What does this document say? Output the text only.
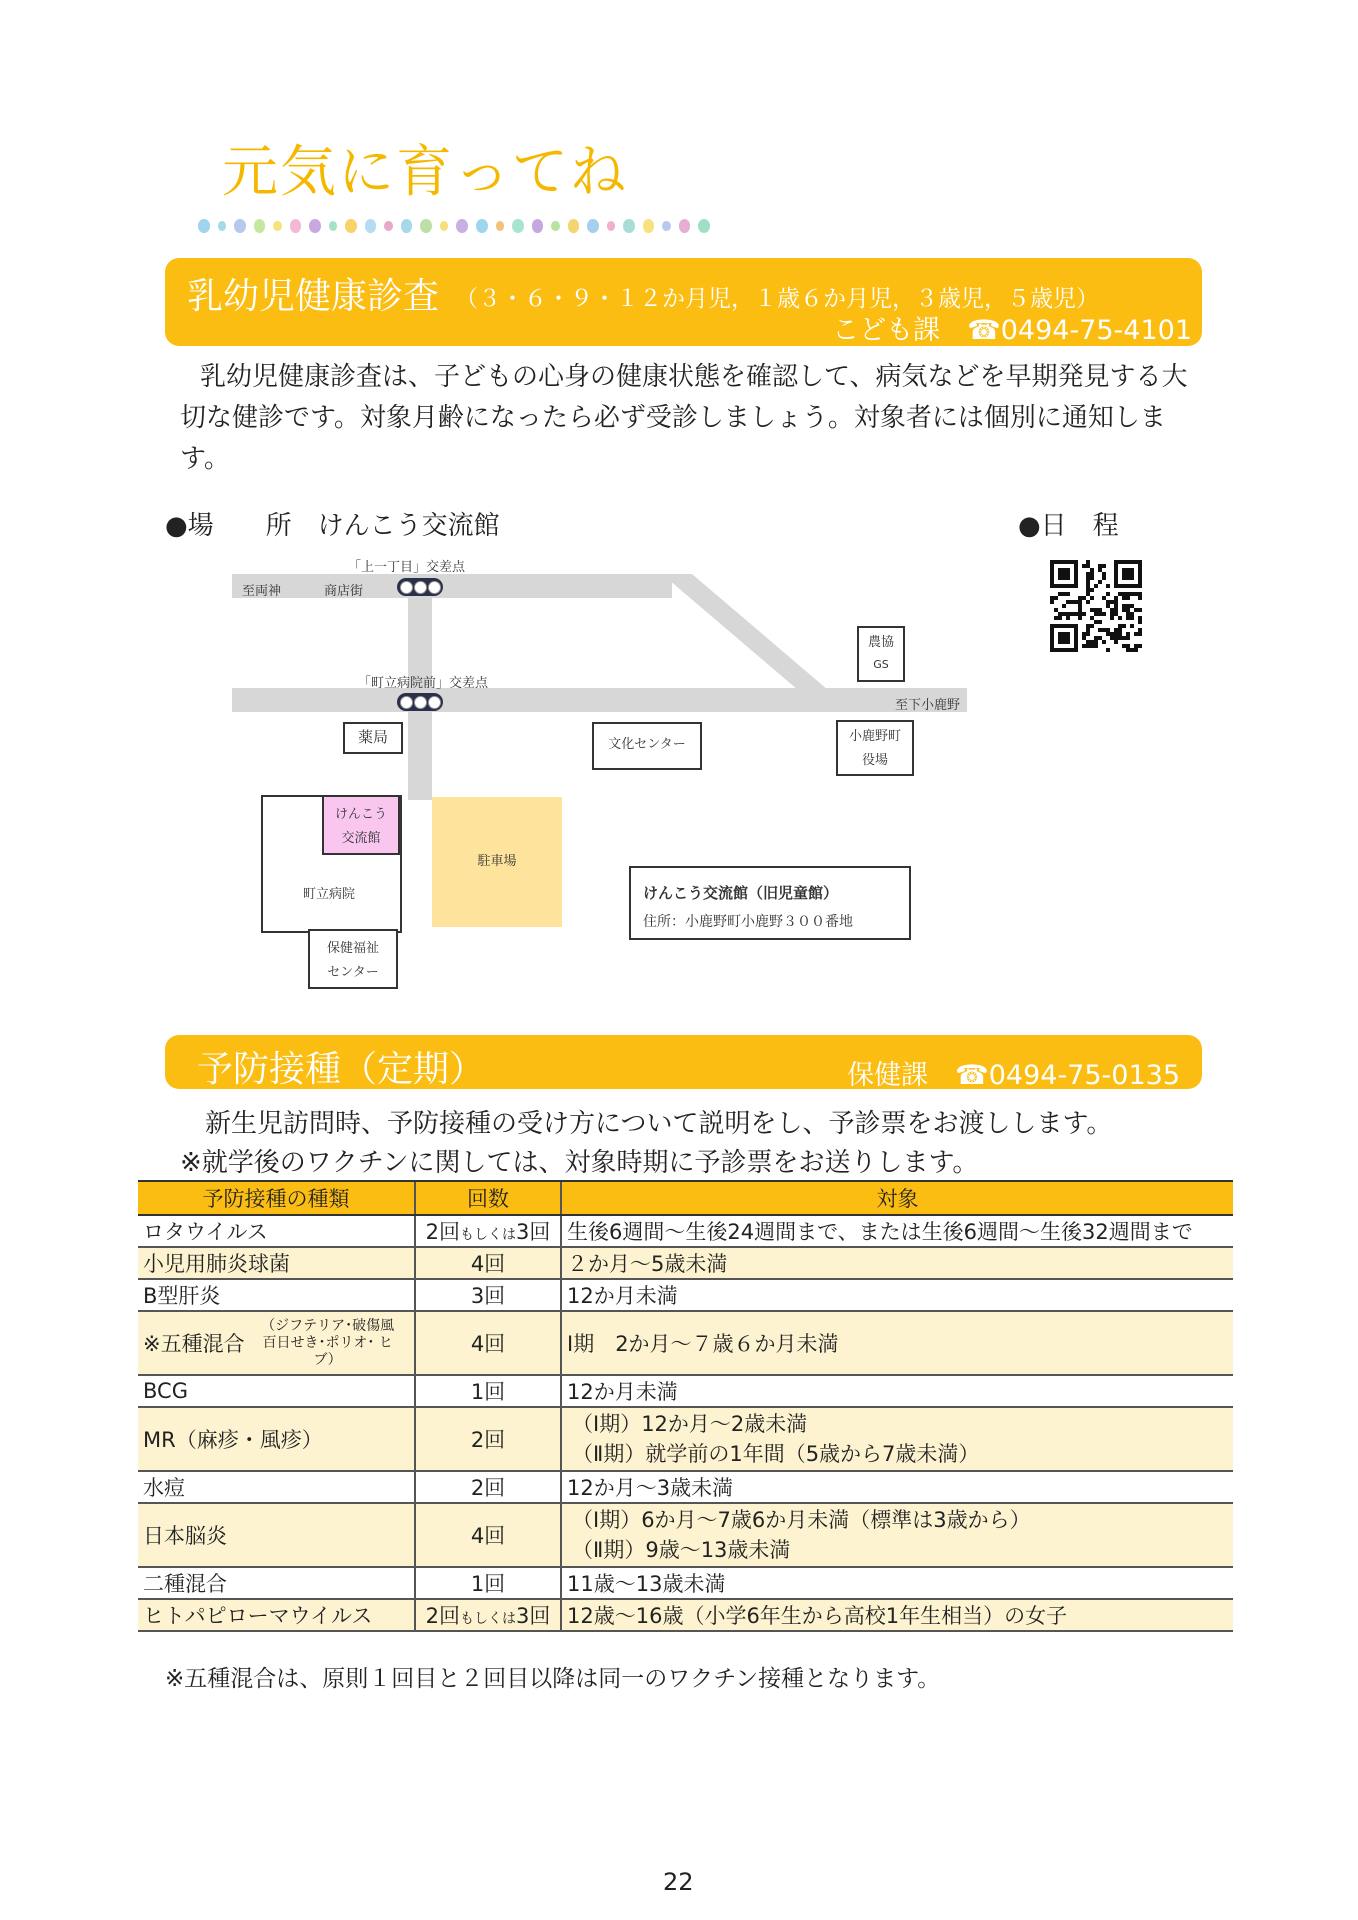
元気に育ってね
乳幼児健康診査 （３・６・９・１２か月児，１歳６か月児，３歳児，５歳児）
こども課　☎0494-75-4101
乳幼児健康診査は、子どもの心身の健康状態を確認して、病気などを早期発見する大切な健診です。対象月齢になったら必ず受診しましょう。対象者には個別に通知します。
●場　　所　けんこう交流館	●日　程
「上一丁目」交差点
至両神	商店街
「町立病院前」交差点
至下小鹿野
農協
GS
薬局	文化センター
小鹿野町
役場
町立病院
けんこう
交流館
駐車場
保健福祉
センター
けんこう交流館（旧児童館）
住所：小鹿野町小鹿野３００番地
予防接種（定期）	保健課　☎0494-75-0135
新生児訪問時、予防接種の受け方について説明をし、予診票をお渡しします。
※就学後のワクチンに関しては、対象時期に予診票をお送りします。
予防接種の種類	回数	対象
ロタウイルス	2回もしくは3回	生後6週間〜生後24週間まで、または生後6週間〜生後32週間まで

小児用肺炎球菌	4回	２か月〜5歳未満

B型肝炎	3回	12か月未満

※五種混合
（ジフテリア･破傷風 百日せき･ポリオ･ ヒブ）	4回	Ⅰ期　2か月〜７歳６か月未満

BCG	1回	12か月未満

MR（麻疹・風疹）	2回	（Ⅰ期）12か月〜2歳未満
（Ⅱ期）就学前の1年間（5歳から7歳未満）

水痘	2回	12か月〜3歳未満

日本脳炎	4回	（Ⅰ期）6か月〜7歳6か月未満（標準は3歳から）
（Ⅱ期）9歳〜13歳未満

二種混合	1回	11歳〜13歳未満

ヒトパピローマウイルス	2回もしくは3回	12歳〜16歳（小学6年生から高校1年生相当）の女子
※五種混合は、原則１回目と２回目以降は同一のワクチン接種となります。
22
